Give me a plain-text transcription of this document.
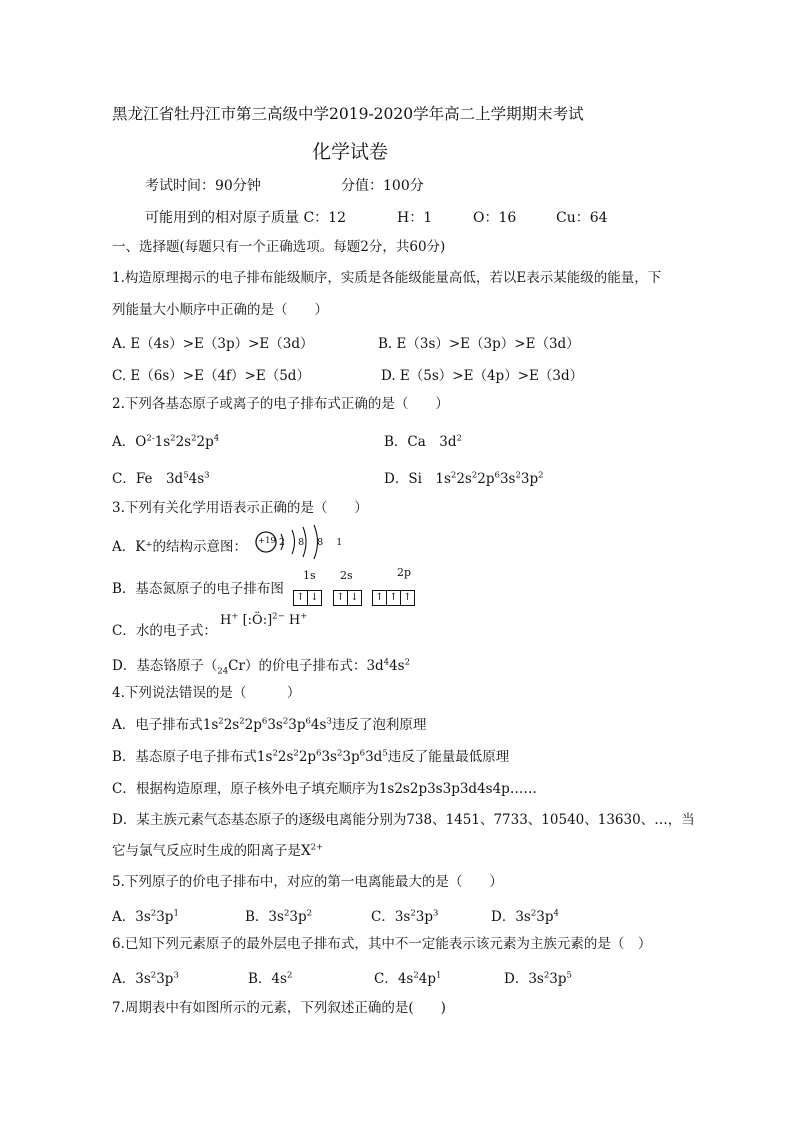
黑龙江省牡丹江市第三高级中学2019-2020学年高二上学期期末考试
化学试卷
考试时间：90分钟	分值：100分
可能用到的相对原子质量 C：12	H：1	O：16	Cu：64
一、选择题(每题只有一个正确选项。每题2分，共60分)
1.构造原理揭示的电子排布能级顺序，实质是各能级能量高低，若以E表示某能级的能量，下
列能量大小顺序中正确的是（　　）
A. E（4s）>E（3p）>E（3d）	B. E（3s）>E（3p）>E（3d）
C. E（6s）>E（4f）>E（5d）	D. E（5s）>E（4p）>E（3d）
2.下列各基态原子或离子的电子排布式正确的是（　　）
A．$O^{2-}1s^22s^22p^4$	B．Ca　$3d^2$
C．Fe　$3d^54s^3$	D．Si　$1s^22s^22p^63s^23p^2$
3.下列有关化学用语表示正确的是（　　）
A．K⁺的结构示意图： +19 2 8 8 1
B．基态氮原子的电子排布图
1s 2s	2p
↑ ↓	↑ ↓	↑ ↑ ↑
C．水的电子式：
H+ [:Ö:]$^{2-}$ H+
D．基态铬原子$(_{24}Cr)$的价电子排布式：$3d^44s^2$
4.下列说法错误的是（　　　）
A．电子排布式$1s^22s^22p^63s^23p^64s^3$违反了泡利原理
B．基态原子电子排布式$1s^22s^22p^63s^23p^63d^5$违反了能量最低原理
C．根据构造原理，原子核外电子填充顺序为1s2s2p3s3p3d4s4p……
D．某主族元素气态基态原子的逐级电离能分别为738、1451、7733、10540、13630、…，当
它与氯气反应时生成的阳离子是$X^{2+}$
5.下列原子的价电子排布中，对应的第一电离能最大的是（　　）
A．$3s^23p^1$	B．$3s^23p^2$	C．$3s^23p^3$	D．$3s^23p^4$
6.已知下列元素原子的最外层电子排布式，其中不一定能表示该元素为主族元素的是（　）
A．$3s^23p^3$	B．$4s^2$	C．$4s^24p^1$	D．$3s^23p^5$
7.周期表中有如图所示的元素，下列叙述正确的是(　　)
